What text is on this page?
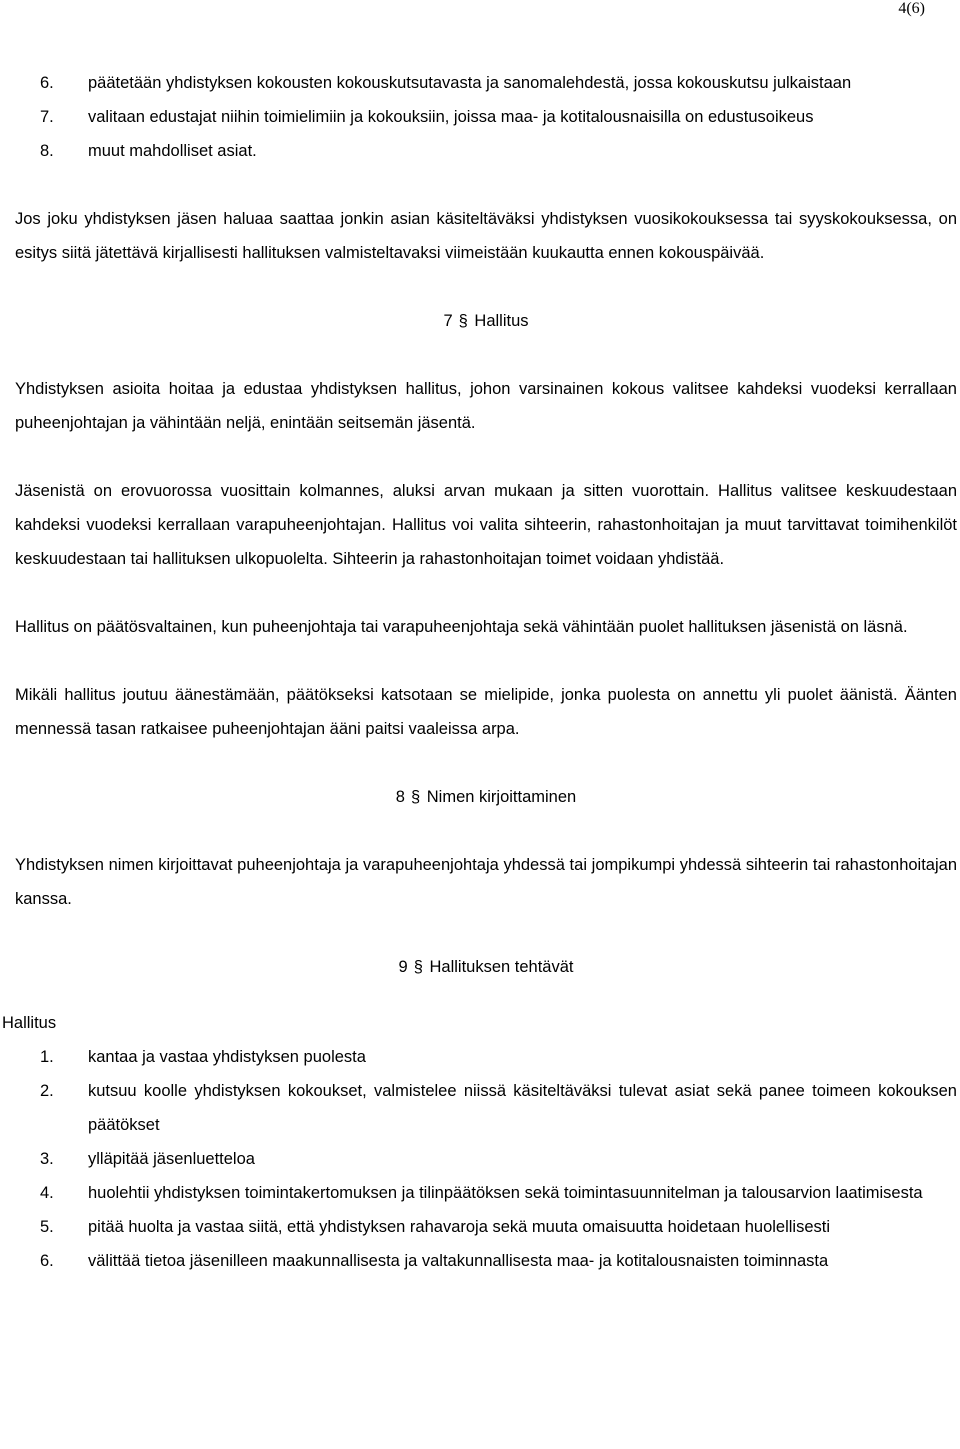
4(6)
6. päätetään yhdistyksen kokousten kokouskutsutavasta ja sanomalehdestä, jossa kokouskutsu julkaistaan
7. valitaan edustajat niihin toimielimiin ja kokouksiin, joissa maa- ja kotitalousnaisilla on edustusoikeus
8. muut mahdolliset asiat.

Jos joku yhdistyksen jäsen haluaa saattaa jonkin asian käsiteltäväksi yhdistyksen vuosikokouksessa tai syyskokouksessa, on esitys siitä jätettävä kirjallisesti hallituksen valmisteltavaksi viimeistään kuukautta ennen kokouspäivää.

7 § Hallitus

Yhdistyksen asioita hoitaa ja edustaa yhdistyksen hallitus, johon varsinainen kokous valitsee kahdeksi vuodeksi kerrallaan puheenjohtajan ja vähintään neljä, enintään seitsemän jäsentä.

Jäsenistä on erovuorossa vuosittain kolmannes, aluksi arvan mukaan ja sitten vuorottain. Hallitus valitsee keskuudestaan kahdeksi vuodeksi kerrallaan varapuheenjohtajan. Hallitus voi valita sihteerin, rahastonhoitajan ja muut tarvittavat toimihenkilöt keskuudestaan tai hallituksen ulkopuolelta. Sihteerin ja rahastonhoitajan toimet voidaan yhdistää.

Hallitus on päätösvaltainen, kun puheenjohtaja tai varapuheenjohtaja sekä vähintään puolet hallituksen jäsenistä on läsnä.

Mikäli hallitus joutuu äänestämään, päätökseksi katsotaan se mielipide, jonka puolesta on annettu yli puolet äänistä. Äänten mennessä tasan ratkaisee puheenjohtajan ääni paitsi vaaleissa arpa.

8 § Nimen kirjoittaminen

Yhdistyksen nimen kirjoittavat puheenjohtaja ja varapuheenjohtaja yhdessä tai jompikumpi yhdessä sihteerin tai rahastonhoitajan kanssa.

9 § Hallituksen tehtävät
Hallitus
1. kantaa ja vastaa yhdistyksen puolesta
2. kutsuu koolle yhdistyksen kokoukset, valmistelee niissä käsiteltäväksi tulevat asiat sekä panee toimeen kokouksen päätökset
3. ylläpitää jäsenluetteloa
4. huolehtii yhdistyksen toimintakertomuksen ja tilinpäätöksen sekä toimintasuunnitelman ja talousarvion laatimisesta
5. pitää huolta ja vastaa siitä, että yhdistyksen rahavaroja sekä muuta omaisuutta hoidetaan huolellisesti
6. välittää tietoa jäsenilleen maakunnallisesta ja valtakunnallisesta maa- ja kotitalousnaisten toiminnasta
